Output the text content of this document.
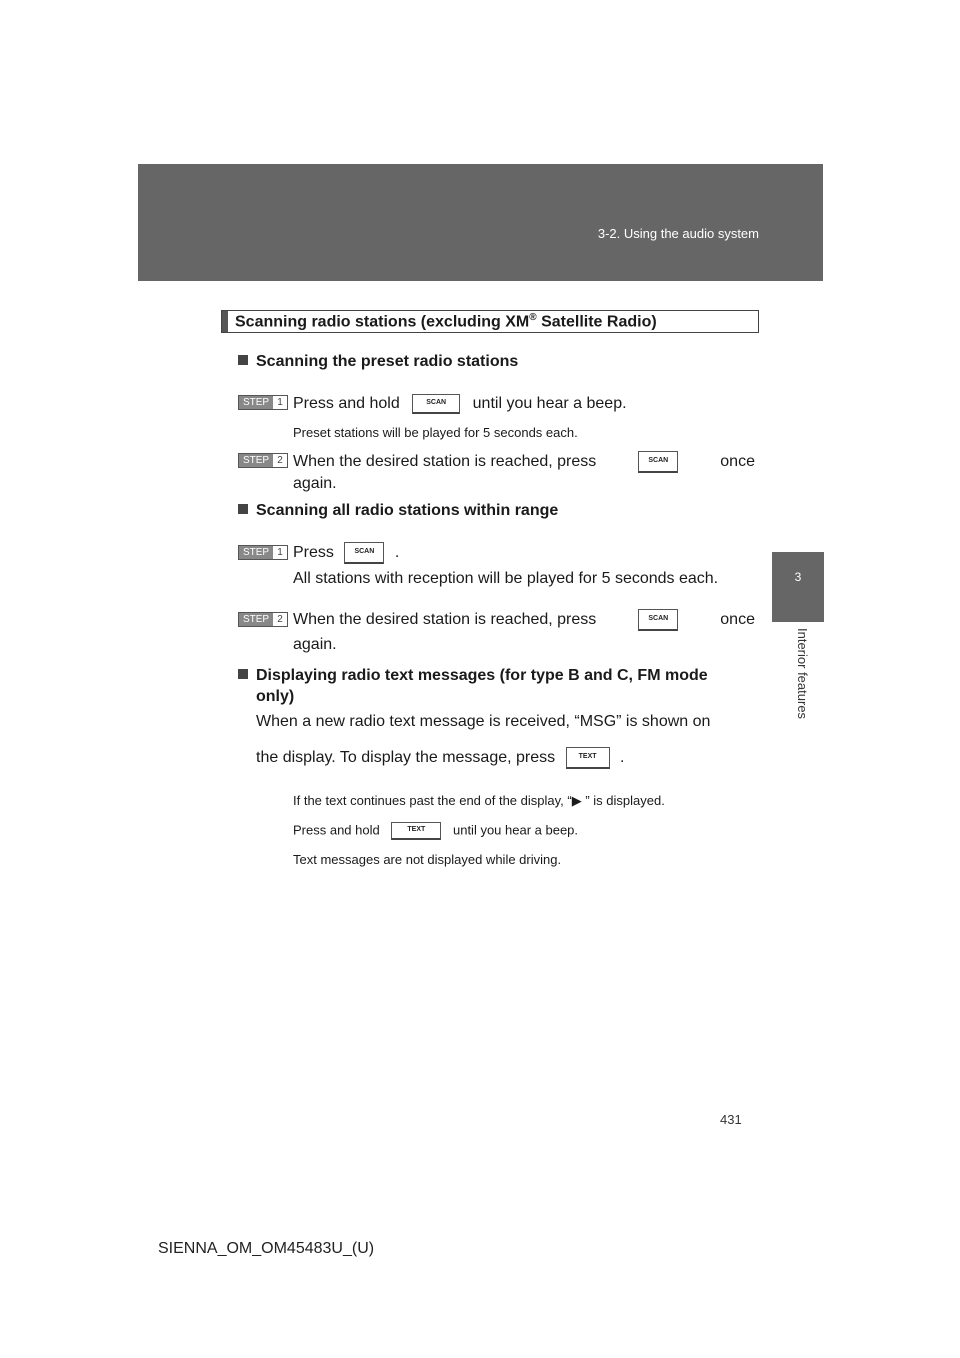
3-2. Using the audio system
3
Interior features
Scanning radio stations (excluding XM® Satellite Radio)
Scanning the preset radio stations
STEP 1 Press and hold	SCAN until you hear a beep.
Preset stations will be played for 5 seconds each.
STEP 2 When the desired station is reached, press	SCAN	once
again.
Scanning all radio stations within range
STEP 1 Press	SCAN .
All stations with reception will be played for 5 seconds each.
STEP 2 When the desired station is reached, press	SCAN	once
again.
Displaying radio text messages (for type B and C, FM mode
only)
When a new radio text message is received, “MSG” is shown on
the display. To display the message, press	TEXT .
If the text continues past the end of the display, “▶ ” is displayed.
Press and hold	TEXT until you hear a beep.
Text messages are not displayed while driving.
431
SIENNA_OM_OM45483U_(U)
